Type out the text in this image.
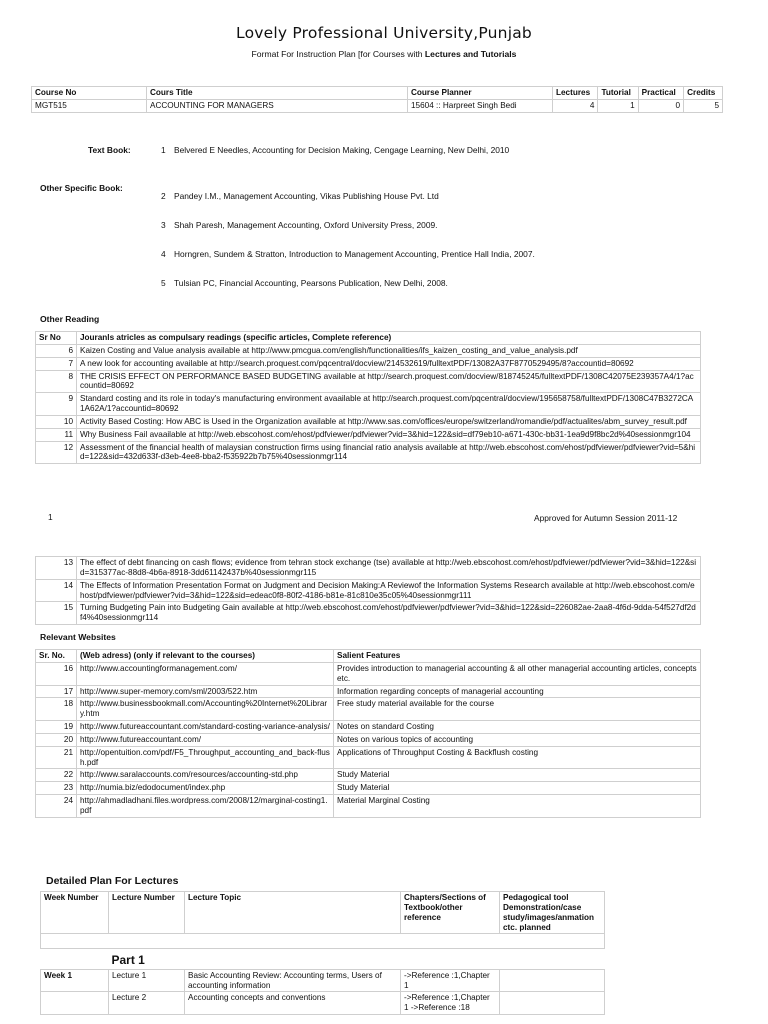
Lovely Professional University,Punjab
Format For Instruction Plan [for Courses with Lectures and Tutorials
Course No	Cours Title	Course Planner	Lectures	Tutorial	Practical	Credits
MGT515	ACCOUNTING FOR MANAGERS	15604 :: Harpreet Singh Bedi	4	1	0	5
Text Book:	1 Belvered E Needles, Accounting for Decision Making, Cengage Learning, New Delhi, 2010
Other Specific Book:
2 Pandey I.M., Management Accounting, Vikas Publishing House Pvt. Ltd
3 Shah Paresh, Management Accounting, Oxford University Press, 2009.
4 Horngren, Sundem & Stratton, Introduction to Management Accounting, Prentice Hall India, 2007.
5 Tulsian PC, Financial Accounting, Pearsons Publication, New Delhi, 2008.
Other Reading
Sr No	Jouranls atricles as compulsary readings (specific articles, Complete reference)
6	Kaizen Costing and Value analysis available at http://www.pmcgua.com/english/functionalities/ifs_kaizen_costing_and_value_analysis.pdf
7	A new look for accounting available at http://search.proquest.com/pqcentral/docview/214532619/fulltextPDF/13082A37F8770529495/8?accountid=80692
8	THE CRISIS EFFECT ON PERFORMANCE BASED BUDGETING available at http://search.proquest.com/docview/818745245/fulltextPDF/1308C42075E239357A4/1?accountid=80692
9	Standard costing and its role in today's manufacturing environment avaailable at http://search.proquest.com/pqcentral/docview/195658758/fulltextPDF/1308C47B3272CA1A62A/1?accountid=80692
10	Activity Based Costing: How ABC is Used in the Organization available at http://www.sas.com/offices/europe/switzerland/romandie/pdf/actualites/abm_survey_result.pdf
11	Why Business Fail avaailable at http://web.ebscohost.com/ehost/pdfviewer/pdfviewer?vid=3&hid=122&sid=df79eb10-a671-430c-bb31-1ea9d9f8bc2d%40sessionmgr104
12	Assessment of the financial health of malaysian construction firms using financial ratio analysis available at http://web.ebscohost.com/ehost/pdfviewer/pdfviewer?vid=5&hid=122&sid=432d633f-d3eb-4ee8-bba2-f535922b7b75%40sessionmgr114
1	Approved for Autumn Session 2011-12
13	The effect of debt financing on cash flows; evidence from tehran stock exchange (tse) available at http://web.ebscohost.com/ehost/pdfviewer/pdfviewer?vid=3&hid=122&sid=315377ac-88d8-4b6a-8918-3dd61142437b%40sessionmgr115
14	The Effects of Information Presentation Format on Judgment and Decision Making:A Reviewof the Information Systems Research available at http://web.ebscohost.com/ehost/pdfviewer/pdfviewer?vid=3&hid=122&sid=edeac0f8-80f2-4186-b81e-81c810e35c05%40sessionmgr111
15	Turning Budgeting Pain into Budgeting Gain available at http://web.ebscohost.com/ehost/pdfviewer/pdfviewer?vid=3&hid=122&sid=226082ae-2aa8-4f6d-9dda-54f527df2df4%40sessionmgr114
Relevant Websites
Sr. No.	(Web adress) (only if relevant to the courses)	Salient Features
16	http://www.accountingformanagement.com/	Provides introduction to managerial accounting & all other managerial accounting articles, concepts etc.
17	http://www.super-memory.com/sml/2003/522.htm	Information regarding concepts of managerial accounting
18	http://www.businessbookmall.com/Accounting%20Internet%20Library.htm	Free study material available for the course
19	http://www.futureaccountant.com/standard-costing-variance-analysis/	Notes on standard Costing
20	http://www.futureaccountant.com/	Notes on various topics of accounting
21	http://opentuition.com/pdf/F5_Throughput_accounting_and_back-flush.pdf	Applications of Throughput Costing & Backflush costing
22	http://www.saralaccounts.com/resources/accounting-std.php	Study Material
23	http://numia.biz/edodocument/index.php	Study Material
24	http://ahmadladhani.files.wordpress.com/2008/12/marginal-costing1.pdf	Material Marginal Costing
Detailed Plan For Lectures
Week Number	Lecture Number	Lecture Topic	Chapters/Sections of Textbook/other reference	Pedagogical tool Demonstration/case study/images/anmation ctc. planned

	Part 1			
Week 1	Lecture 1	Basic Accounting Review: Accounting terms, Users of accounting information	->Reference :1,Chapter 1	
	Lecture 2	Accounting concepts and conventions	->Reference :1,Chapter 1 ->Reference :18	
